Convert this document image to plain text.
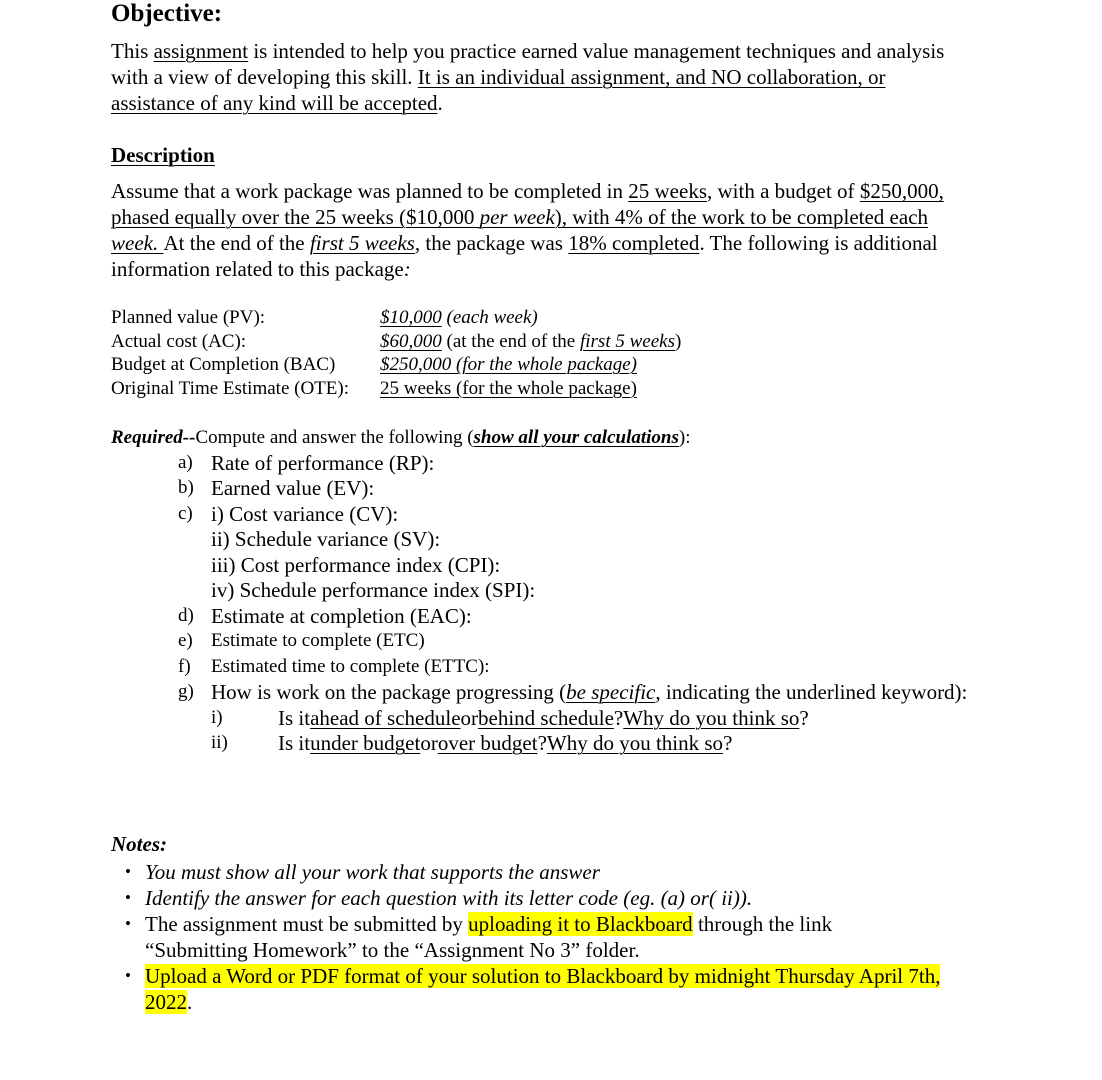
Objective:
This assignment is intended to help you practice earned value management techniques and analysis
with a view of developing this skill. It is an individual assignment, and NO collaboration, or
assistance of any kind will be accepted.
Description
Assume that a work package was planned to be completed in 25 weeks, with a budget of $250,000,
phased equally over the 25 weeks ($10,000 per week), with 4% of the work to be completed each
week. At the end of the first 5 weeks, the package was 18% completed. The following is additional
information related to this package:
Planned value (PV):	$10,000 (each week)
Actual cost (AC):	$60,000 (at the end of the first 5 weeks)
Budget at Completion (BAC)	$250,000 (for the whole package)
Original Time Estimate (OTE):	25 weeks (for the whole package)
Required--Compute and answer the following (show all your calculations):
a) Rate of performance (RP):
b) Earned value (EV):
c) i) Cost variance (CV):
ii) Schedule variance (SV):
iii) Cost performance index (CPI):
iv) Schedule performance index (SPI):
d) Estimate at completion (EAC):
e) Estimate to complete (ETC)
f)	Estimated time to complete (ETTC):
g) How is work on the package progressing ( be specific , indicating the underlined keyword):
i)	Is it ahead of schedule or behind schedule ? Why do you think so ?
ii)	Is it under budget or over budget ? Why do you think so ?
Notes:
• You must show all your work that supports the answer
• Identify the answer for each question with its letter code (eg. (a) or( ii)).
• The assignment must be submitted by uploading it to Blackboard through the link
“Submitting Homework” to the “Assignment No 3” folder.
• Upload a Word or PDF format of your solution to Blackboard by midnight Thursday April 7th,
2022.
